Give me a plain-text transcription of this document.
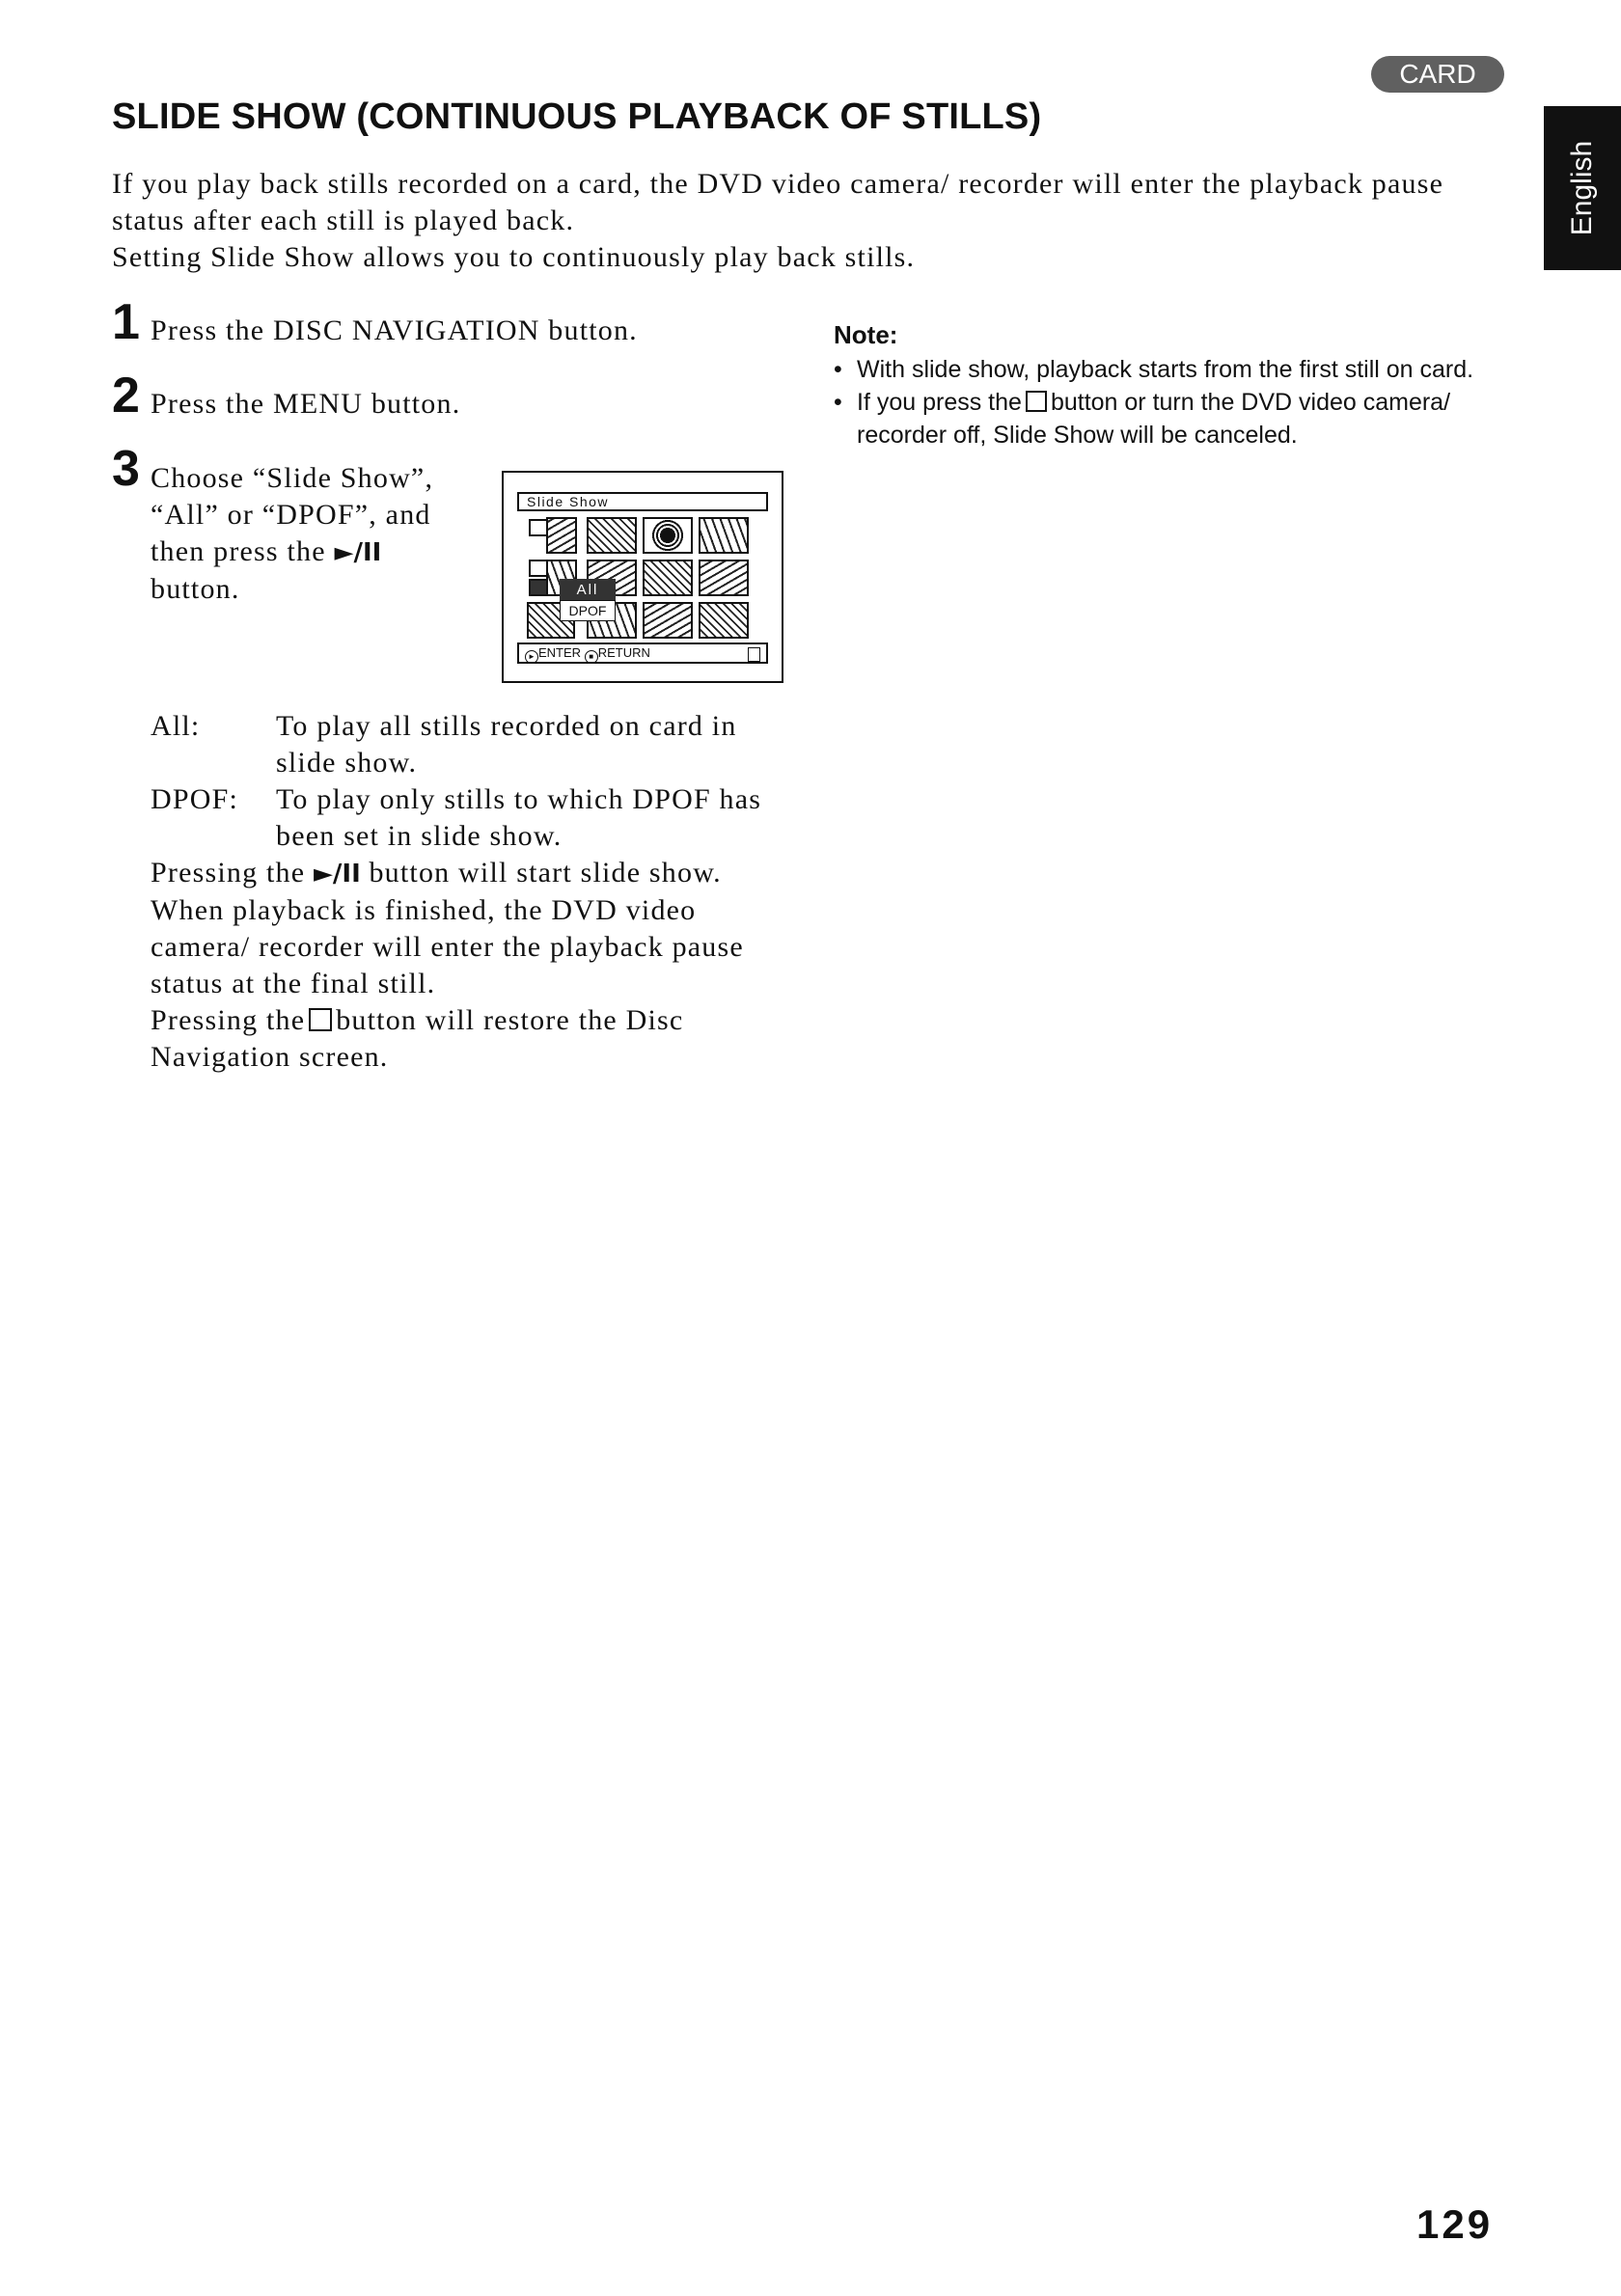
CARD
English
SLIDE SHOW (CONTINUOUS PLAYBACK OF STILLS)

If you play back stills recorded on a card, the DVD video camera/ recorder will enter the playback pause

status after each still is played back.

Setting Slide Show allows you to continuously play back stills.

1 Press the DISC NAVIGATION button.
2 Press the MENU button.
3 Choose “Slide Show”,
“All” or “DPOF”, and
then press the ►/II
button.
Slide Show
All
DPOF
► ENTER ■ RETURN
All:	To play all stills recorded on card in
slide show.
DPOF: To play only stills to which DPOF has
been set in slide show.
Pressing the ►/II button will start slide show.
When playback is finished, the DVD video
camera/ recorder will enter the playback pause
status at the final still.
Pressing the button will restore the Disc
Navigation screen.
Note:
• With slide show, playback starts from the first still on card.
• If you press the button or turn the DVD video camera/
recorder off, Slide Show will be canceled.
129
